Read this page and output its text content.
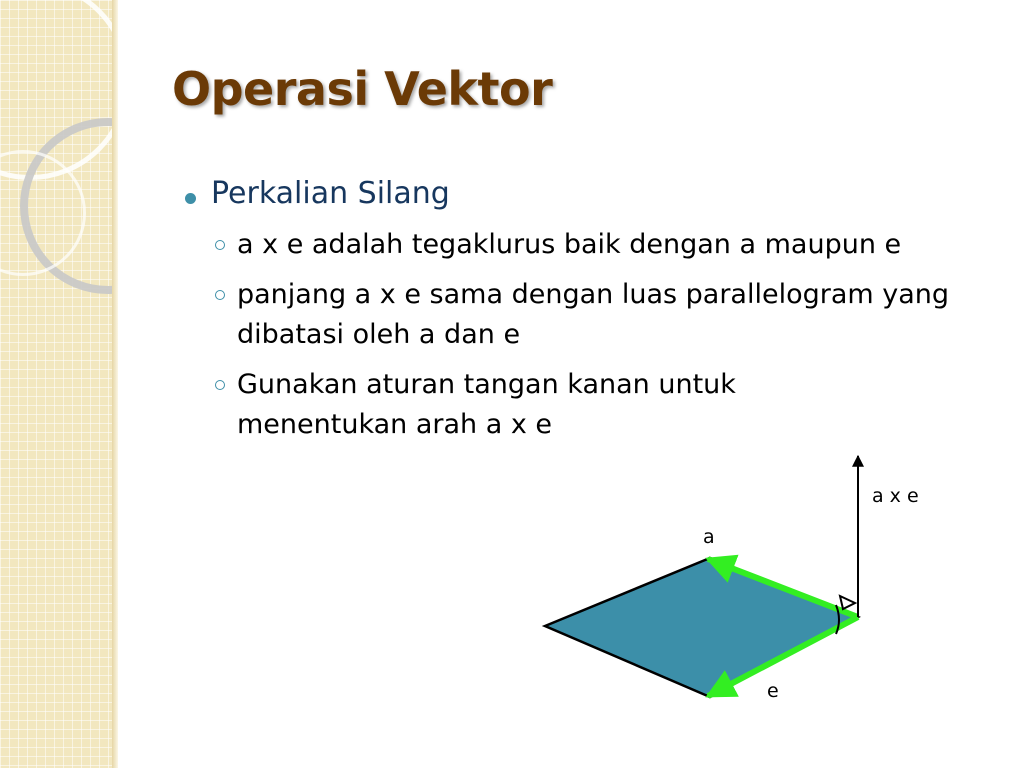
Operasi Vektor
Perkalian Silang
a x e adalah tegaklurus baik dengan a maupun e
panjang a x e sama dengan luas parallelogram yang dibatasi oleh a dan e
Gunakan aturan tangan kanan untuk menentukan arah a x e
a x e
a
e
